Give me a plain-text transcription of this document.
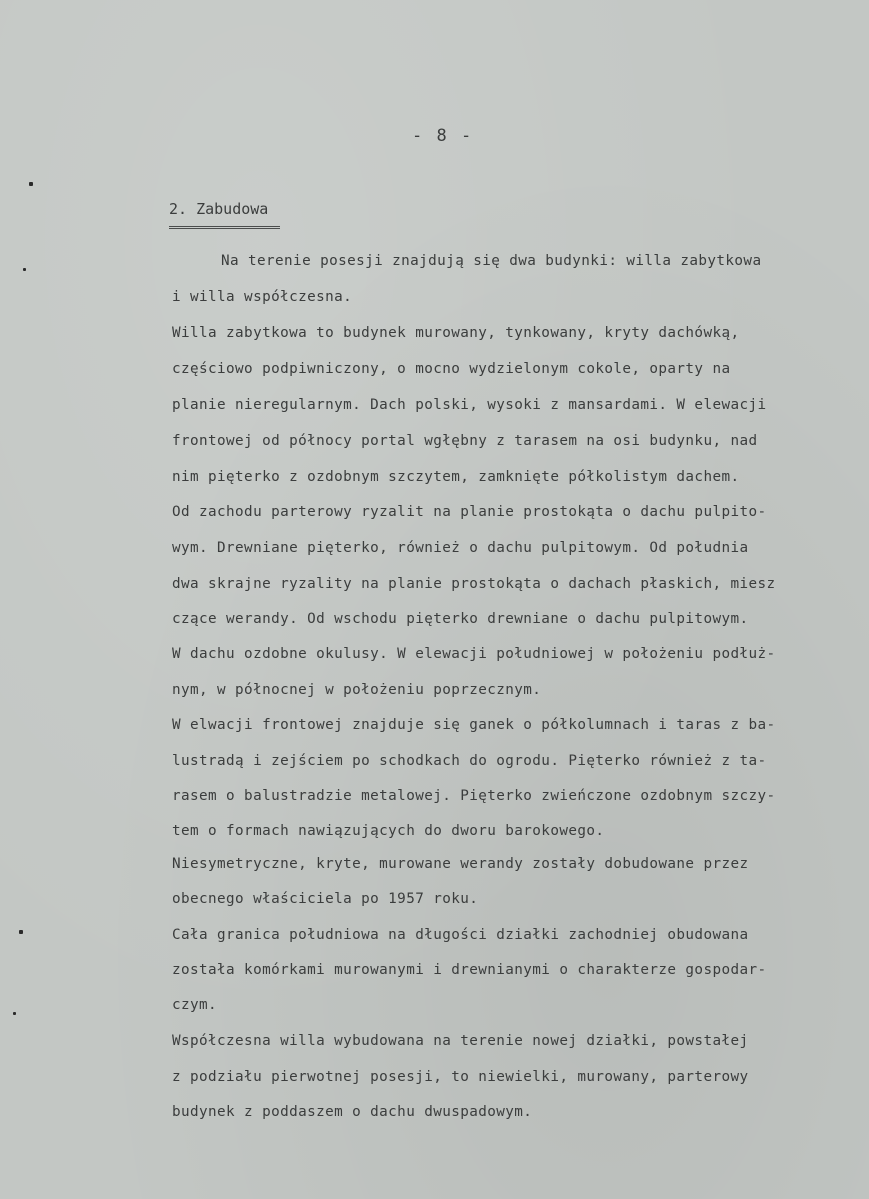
- 8 -
2. Zabudowa
Na terenie posesji znajdują się dwa budynki: willa zabytkowa
i willa współczesna.
Willa zabytkowa to budynek murowany, tynkowany, kryty dachówką,
częściowo podpiwniczony, o mocno wydzielonym cokole, oparty na
planie nieregularnym. Dach polski, wysoki z mansardami. W elewacji
frontowej od północy portal wgłębny z tarasem na osi budynku, nad
nim pięterko z ozdobnym szczytem, zamknięte półkolistym dachem.
Od zachodu parterowy ryzalit na planie prostokąta o dachu pulpito-
wym. Drewniane pięterko, również o dachu pulpitowym. Od południa
dwa skrajne ryzality na planie prostokąta o dachach płaskich, miesz
czące werandy. Od wschodu pięterko drewniane o dachu pulpitowym.
W dachu ozdobne okulusy. W elewacji południowej w położeniu podłuż-
nym, w północnej w położeniu poprzecznym.
W elwacji frontowej znajduje się ganek o półkolumnach i taras z ba-
lustradą i zejściem po schodkach do ogrodu. Pięterko również z ta-
rasem o balustradzie metalowej. Pięterko zwieńczone ozdobnym szczy-
tem o formach nawiązujących do dworu barokowego.
Niesymetryczne, kryte, murowane werandy zostały dobudowane przez
obecnego właściciela po 1957 roku.
Cała granica południowa na długości działki zachodniej obudowana
została komórkami murowanymi i drewnianymi o charakterze gospodar-
czym.
Współczesna willa wybudowana na terenie nowej działki, powstałej
z podziału pierwotnej posesji, to niewielki, murowany, parterowy
budynek z poddaszem o dachu dwuspadowym.
